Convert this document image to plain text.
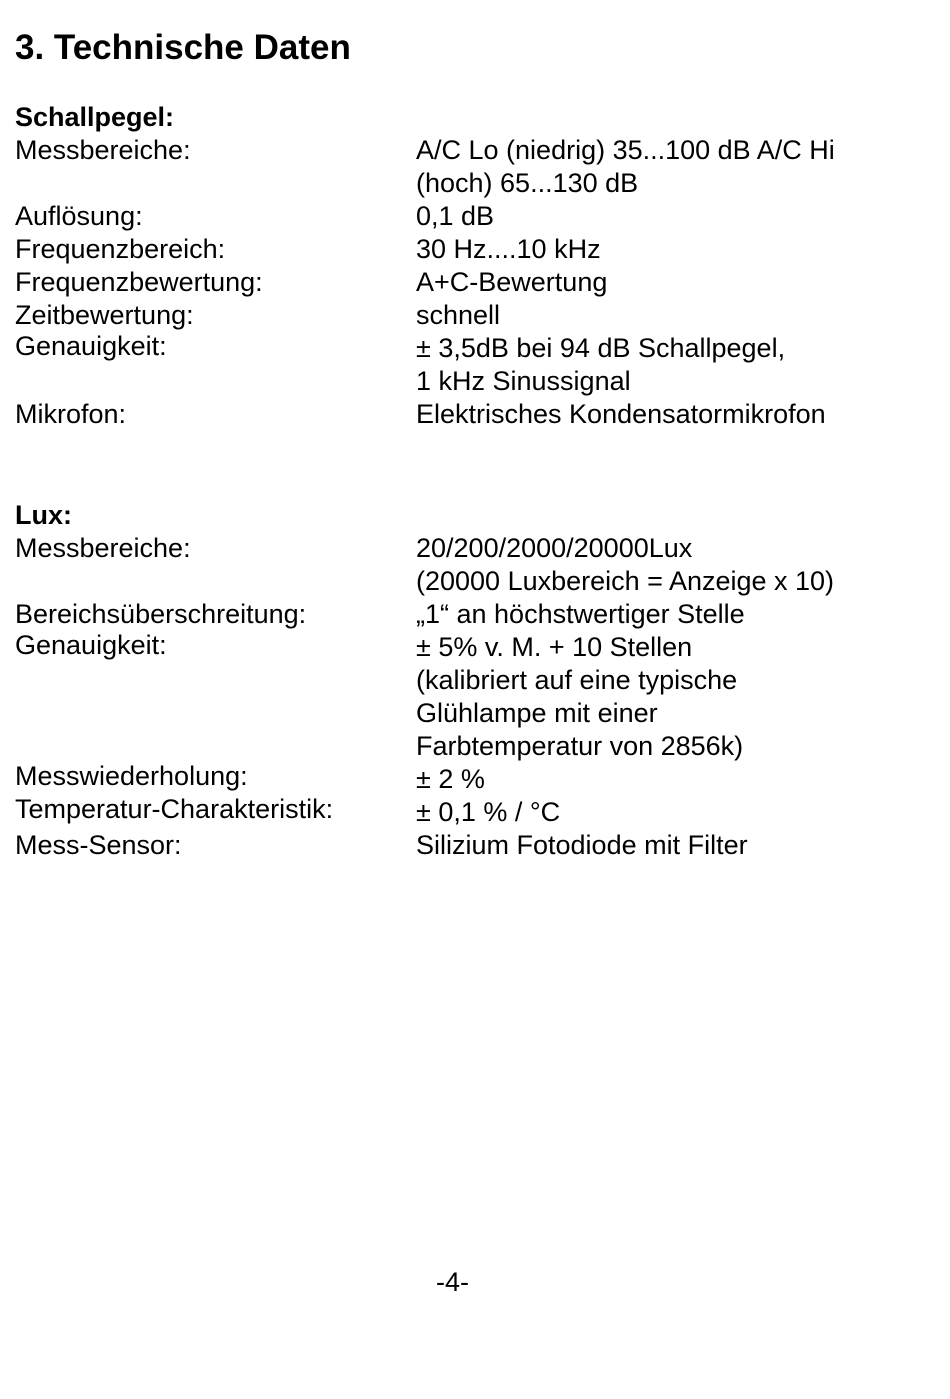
3. Technische Daten
Schallpegel:
Messbereiche:	A/C Lo (niedrig) 35...100 dB A/C Hi
(hoch) 65...130 dB
Auflösung:	0,1 dB
Frequenzbereich:	30 Hz....10 kHz
Frequenzbewertung:	A+C-Bewertung
Zeitbewertung:	schnell
Genauigkeit:	± 3,5dB bei 94 dB Schallpegel,
1 kHz Sinussignal
Mikrofon:	Elektrisches Kondensatormikrofon
Lux:
Messbereiche:	20/200/2000/20000Lux
(20000 Luxbereich = Anzeige x 10)
Bereichsüberschreitung:	„1“ an höchstwertiger Stelle
Genauigkeit:	± 5% v. M. + 10 Stellen
(kalibriert auf eine typische
Glühlampe mit einer
Farbtemperatur von 2856k)
Messwiederholung:	± 2 %
Temperatur-Charakteristik:	± 0,1 % / °C
Mess-Sensor:	Silizium Fotodiode mit Filter
-4-
